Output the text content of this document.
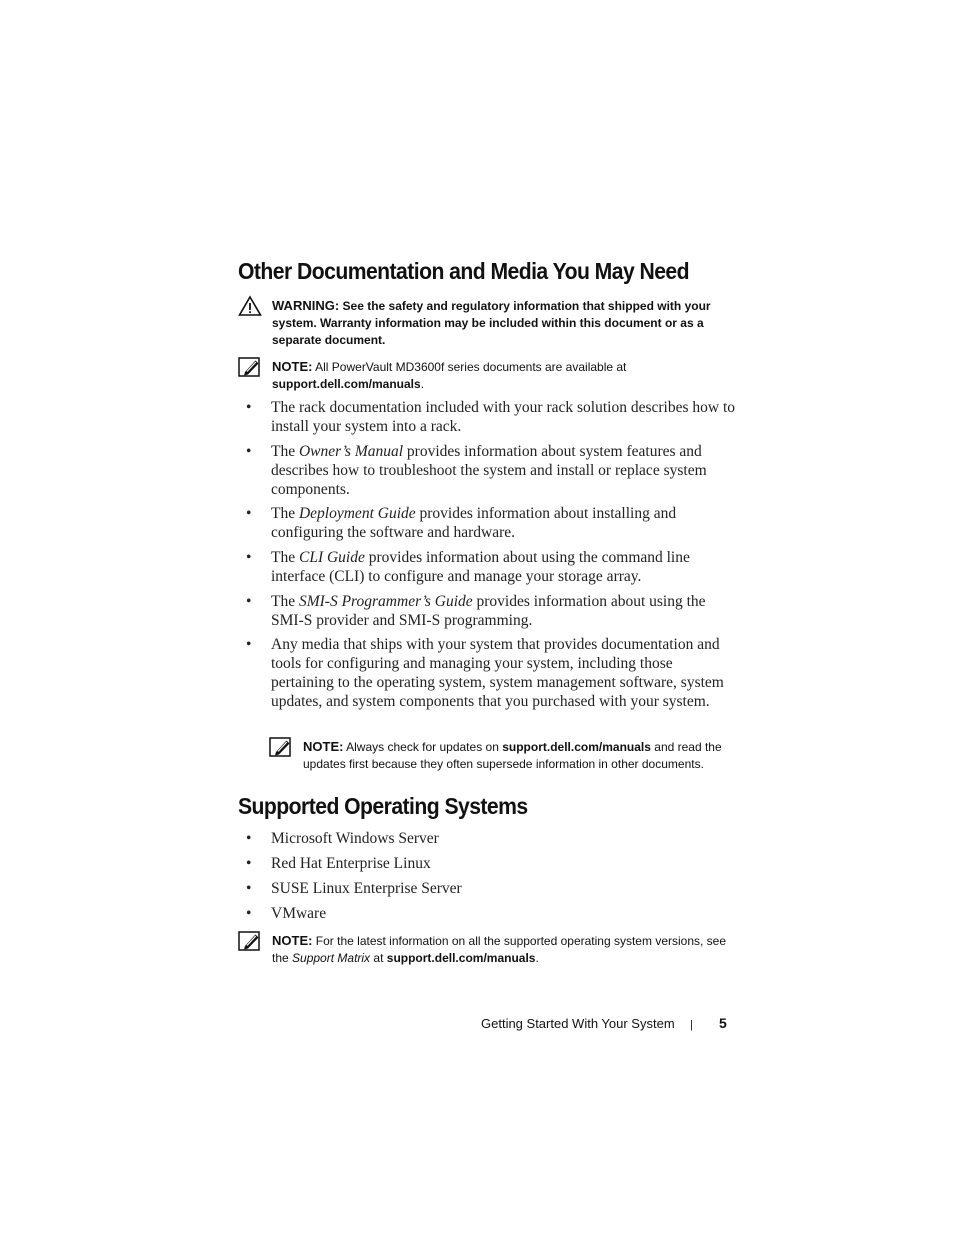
Other Documentation and Media You May Need
WARNING: See the safety and regulatory information that shipped with your system. Warranty information may be included within this document or as a separate document.
NOTE: All PowerVault MD3600f series documents are available at
support.dell.com/manuals.
• The rack documentation included with your rack solution describes how to install your system into a rack.
• The Owner’s Manual provides information about system features and describes how to troubleshoot the system and install or replace system components.
• The Deployment Guide provides information about installing and configuring the software and hardware.
• The CLI Guide provides information about using the command line interface (CLI) to configure and manage your storage array.
• The SMI-S Programmer’s Guide provides information about using the SMI-S provider and SMI-S programming.
• Any media that ships with your system that provides documentation and tools for configuring and managing your system, including those pertaining to the operating system, system management software, system updates, and system components that you purchased with your system.
NOTE: Always check for updates on support.dell.com/manuals and read the updates first because they often supersede information in other documents.
Supported Operating Systems
• Microsoft Windows Server
• Red Hat Enterprise Linux
• SUSE Linux Enterprise Server
• VMware
NOTE: For the latest information on all the supported operating system versions, see the Support Matrix at support.dell.com/manuals.
Getting Started With Your System | 5
